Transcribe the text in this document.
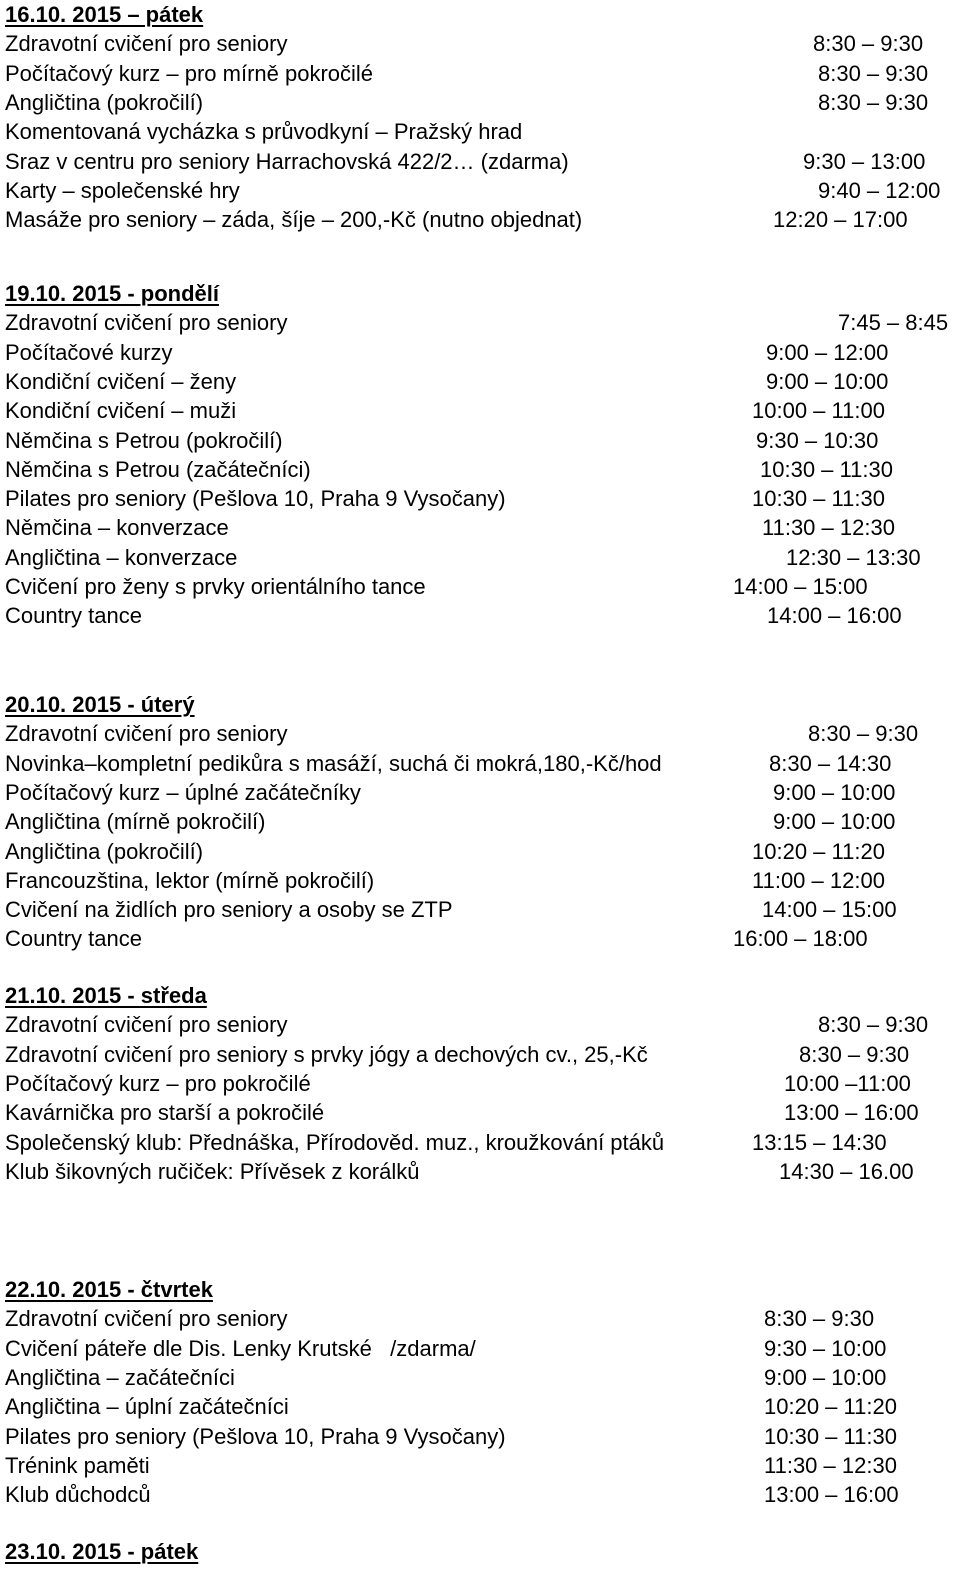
16.10. 2015 – pátek
Zdravotní cvičení pro seniory	8:30 – 9:30
Počítačový kurz – pro mírně pokročilé	8:30 – 9:30
Angličtina (pokročilí)	8:30 – 9:30
Komentovaná vycházka s průvodkyní – Pražský hrad
Sraz v centru pro seniory Harrachovská 422/2… (zdarma)	9:30 – 13:00
Karty – společenské hry	9:40 – 12:00
Masáže pro seniory – záda, šíje – 200,-Kč (nutno objednat)	12:20 – 17:00
19.10. 2015 - pondělí
Zdravotní cvičení pro seniory	7:45 – 8:45
Počítačové kurzy	9:00 – 12:00
Kondiční cvičení – ženy	9:00 – 10:00
Kondiční cvičení – muži	10:00 – 11:00
Němčina s Petrou (pokročilí)	9:30 – 10:30
Němčina s Petrou (začátečníci)	10:30 – 11:30
Pilates pro seniory (Pešlova 10, Praha 9 Vysočany)	10:30 – 11:30
Němčina – konverzace	11:30 – 12:30
Angličtina – konverzace	12:30 – 13:30
Cvičení pro ženy s prvky orientálního tance	14:00 – 15:00
Country tance	14:00 – 16:00
20.10. 2015 - úterý
Zdravotní cvičení pro seniory	8:30 – 9:30
Novinka–kompletní pedikůra s masáží, suchá či mokrá,180,-Kč/hod	8:30 – 14:30
Počítačový kurz – úplné začátečníky	9:00 – 10:00
Angličtina (mírně pokročilí)	9:00 – 10:00
Angličtina (pokročilí)	10:20 – 11:20
Francouzština, lektor (mírně pokročilí)	11:00 – 12:00
Cvičení na židlích pro seniory a osoby se ZTP	14:00 – 15:00
Country tance	16:00 – 18:00
21.10. 2015 - středa
Zdravotní cvičení pro seniory	8:30 – 9:30
Zdravotní cvičení pro seniory s prvky jógy a dechových cv., 25,-Kč	8:30 – 9:30
Počítačový kurz – pro pokročilé	10:00 –11:00
Kavárnička pro starší a pokročilé	13:00 – 16:00
Společenský klub: Přednáška, Přírodověd. muz., kroužkování ptáků	13:15 – 14:30
Klub šikovných ručiček: Přívěsek z korálků	14:30 – 16.00
22.10. 2015 - čtvrtek
Zdravotní cvičení pro seniory	8:30 – 9:30
Cvičení páteře dle Dis. Lenky Krutské   /zdarma/	9:30 – 10:00
Angličtina – začátečníci	9:00 – 10:00
Angličtina – úplní začátečníci	10:20 – 11:20
Pilates pro seniory (Pešlova 10, Praha 9 Vysočany)	10:30 – 11:30
Trénink paměti	11:30 – 12:30
Klub důchodců	13:00 – 16:00
23.10. 2015 - pátek
